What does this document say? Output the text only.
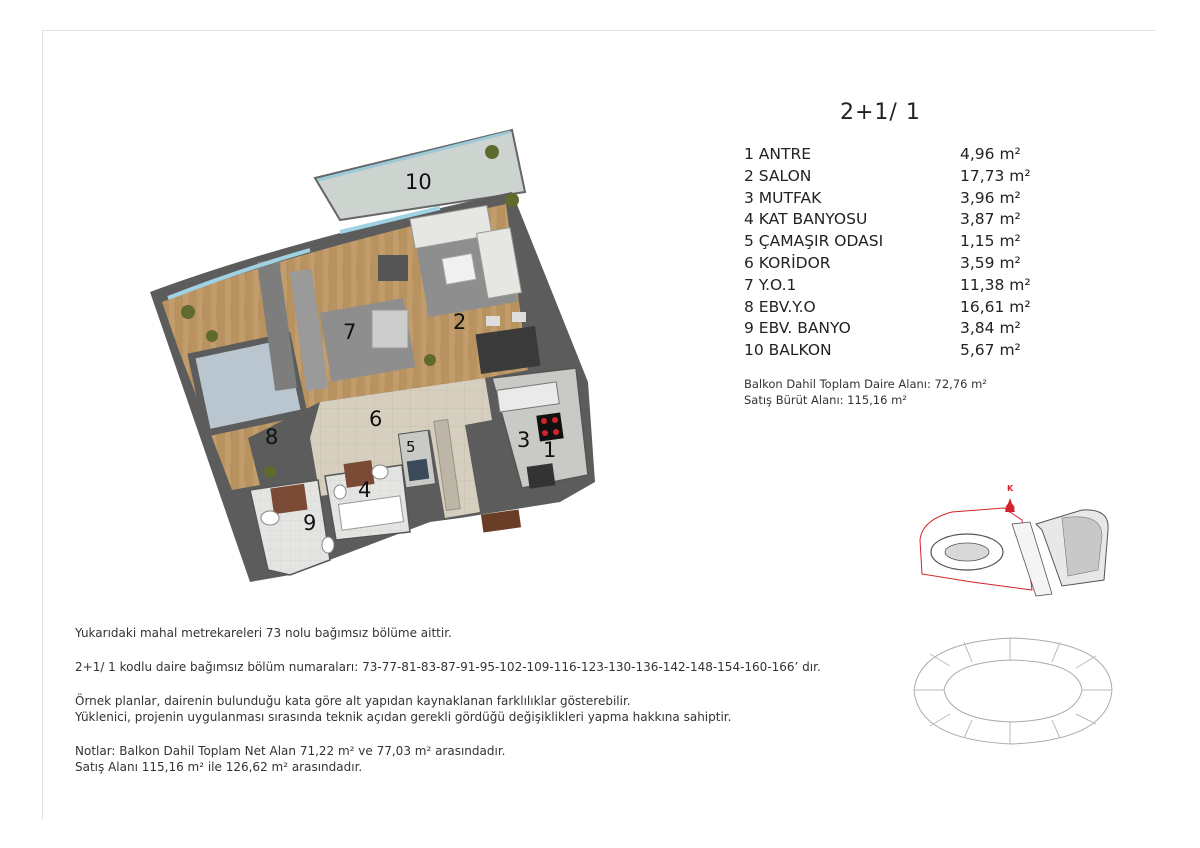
1
2
3
4
5
6
7
8
9
10
2+1/ 1
1 ANTRE	4,96 m²
2 SALON	17,73 m²
3 MUTFAK	3,96 m²
4 KAT BANYOSU	3,87 m²
5 ÇAMAŞIR ODASI	1,15 m²
6 KORİDOR	3,59 m²
7 Y.O.1	11,38 m²
8 EBV.Y.O	16,61 m²
9 EBV. BANYO	3,84 m²
10 BALKON	5,67 m²
Balkon Dahil Toplam Daire Alanı: 72,76 m²
Satış Bürüt Alanı: 115,16 m²
K
Yukarıdaki mahal metrekareleri 73 nolu bağımsız bölüme aittir.
2+1/ 1 kodlu daire bağımsız bölüm numaraları: 73-77-81-83-87-91-95-102-109-116-123-130-136-142-148-154-160-166’ dır.
Örnek planlar, dairenin bulunduğu kata göre alt yapıdan kaynaklanan farklılıklar gösterebilir.
Yüklenici, projenin uygulanması sırasında teknik açıdan gerekli gördüğü değişiklikleri yapma hakkına sahiptir.
Notlar: Balkon Dahil Toplam Net Alan 71,22 m² ve 77,03 m² arasındadır.
Satış Alanı 115,16 m² ile 126,62 m² arasındadır.
